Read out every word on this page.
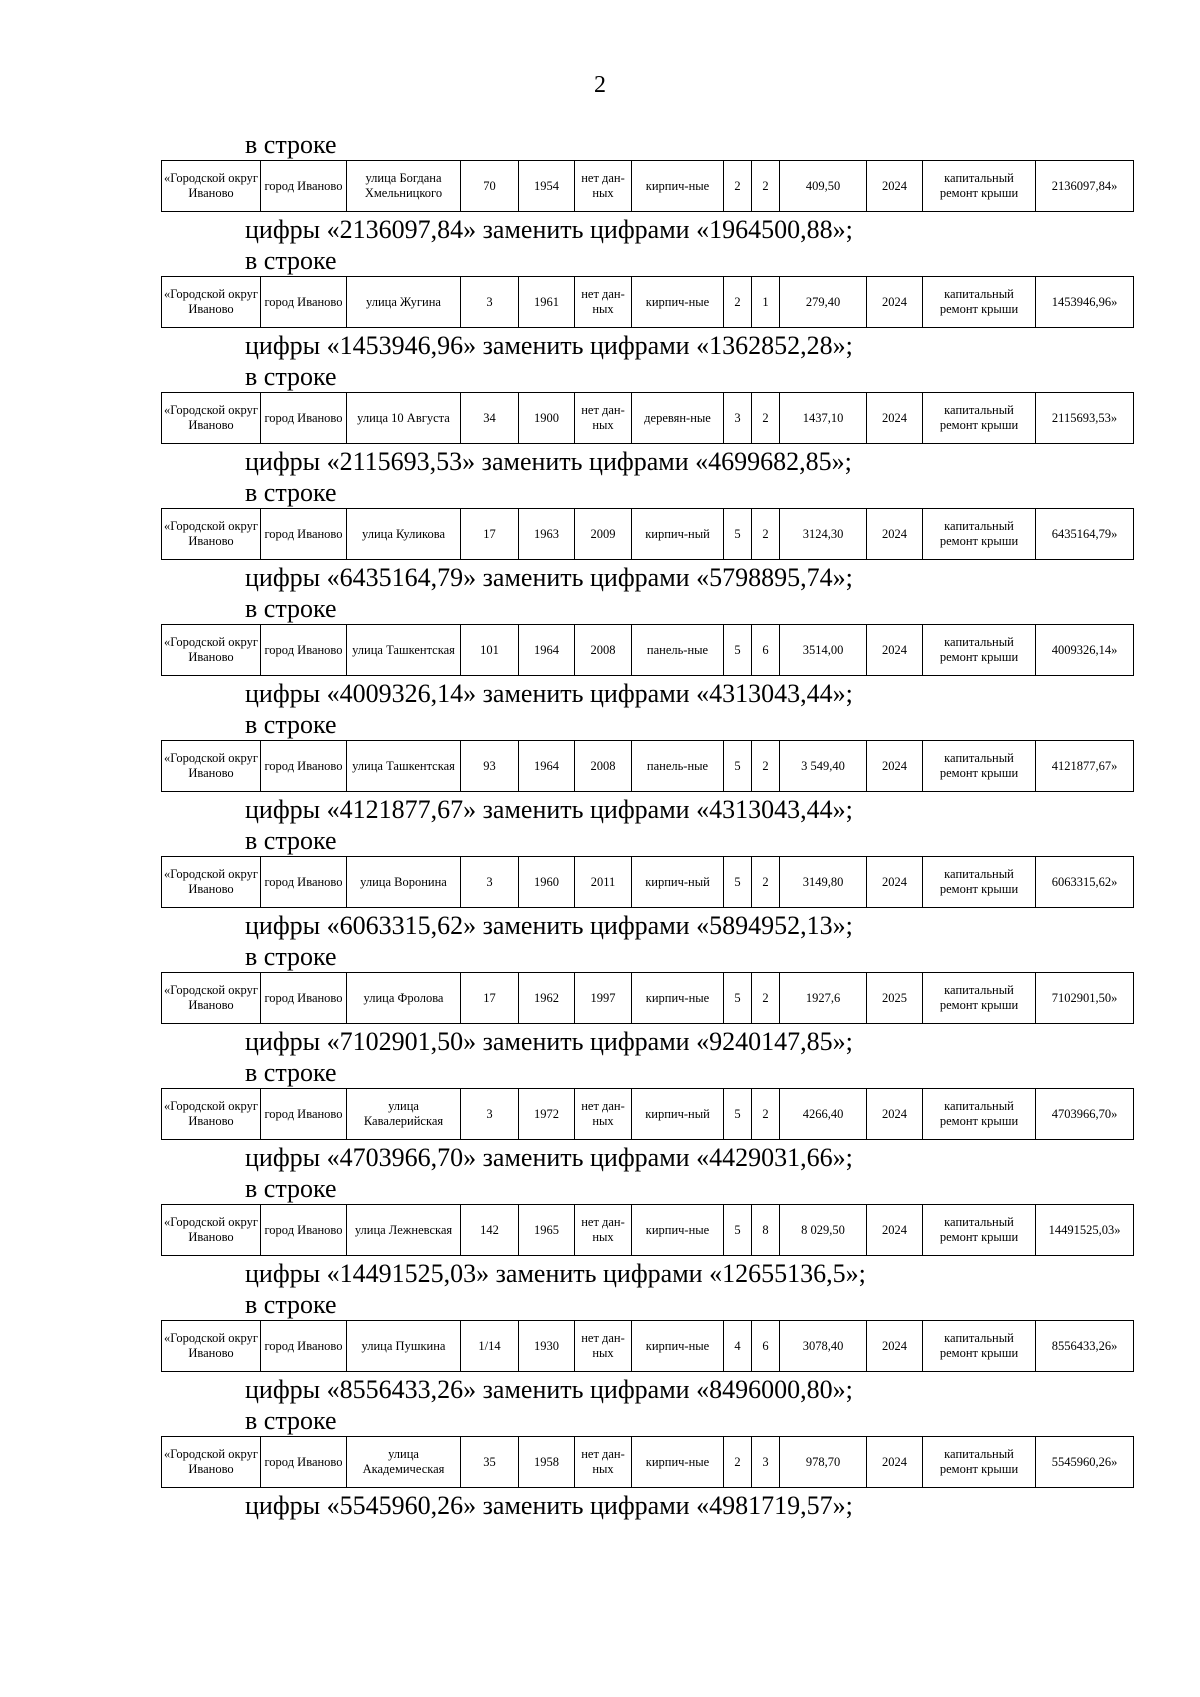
2
в строке
«Городской округ Иваново	город Иваново	улица Богдана Хмельницкого	70	1954	нет дан-ных	кирпич-ные	2	2	409,50	2024	капитальный ремонт крыши	2136097,84»
цифры «2136097,84» заменить цифрами «1964500,88»;
в строке
«Городской округ Иваново	город Иваново	улица Жугина	3	1961	нет дан-ных	кирпич-ные	2	1	279,40	2024	капитальный ремонт крыши	1453946,96»
цифры «1453946,96» заменить цифрами «1362852,28»;
в строке
«Городской округ Иваново	город Иваново	улица 10 Августа	34	1900	нет дан-ных	деревян-ные	3	2	1437,10	2024	капитальный ремонт крыши	2115693,53»
цифры «2115693,53» заменить цифрами «4699682,85»;
в строке
«Городской округ Иваново	город Иваново	улица Куликова	17	1963	2009	кирпич-ный	5	2	3124,30	2024	капитальный ремонт крыши	6435164,79»
цифры «6435164,79» заменить цифрами «5798895,74»;
в строке
«Городской округ Иваново	город Иваново	улица Ташкентская	101	1964	2008	панель-ные	5	6	3514,00	2024	капитальный ремонт крыши	4009326,14»
цифры «4009326,14» заменить цифрами «4313043,44»;
в строке
«Городской округ Иваново	город Иваново	улица Ташкентская	93	1964	2008	панель-ные	5	2	3 549,40	2024	капитальный ремонт крыши	4121877,67»
цифры «4121877,67» заменить цифрами «4313043,44»;
в строке
«Городской округ Иваново	город Иваново	улица Воронина	3	1960	2011	кирпич-ный	5	2	3149,80	2024	капитальный ремонт крыши	6063315,62»
цифры «6063315,62» заменить цифрами «5894952,13»;
в строке
«Городской округ Иваново	город Иваново	улица Фролова	17	1962	1997	кирпич-ные	5	2	1927,6	2025	капитальный ремонт крыши	7102901,50»
цифры «7102901,50» заменить цифрами «9240147,85»;
в строке
«Городской округ Иваново	город Иваново	улица Кавалерийская	3	1972	нет дан-ных	кирпич-ный	5	2	4266,40	2024	капитальный ремонт крыши	4703966,70»
цифры «4703966,70» заменить цифрами «4429031,66»;
в строке
«Городской округ Иваново	город Иваново	улица Лежневская	142	1965	нет дан-ных	кирпич-ные	5	8	8 029,50	2024	капитальный ремонт крыши	14491525,03»
цифры «14491525,03» заменить цифрами «12655136,5»;
в строке
«Городской округ Иваново	город Иваново	улица Пушкина	1/14	1930	нет дан-ных	кирпич-ные	4	6	3078,40	2024	капитальный ремонт крыши	8556433,26»
цифры «8556433,26» заменить цифрами «8496000,80»;
в строке
«Городской округ Иваново	город Иваново	улица Академическая	35	1958	нет дан-ных	кирпич-ные	2	3	978,70	2024	капитальный ремонт крыши	5545960,26»
цифры «5545960,26» заменить цифрами «4981719,57»;
